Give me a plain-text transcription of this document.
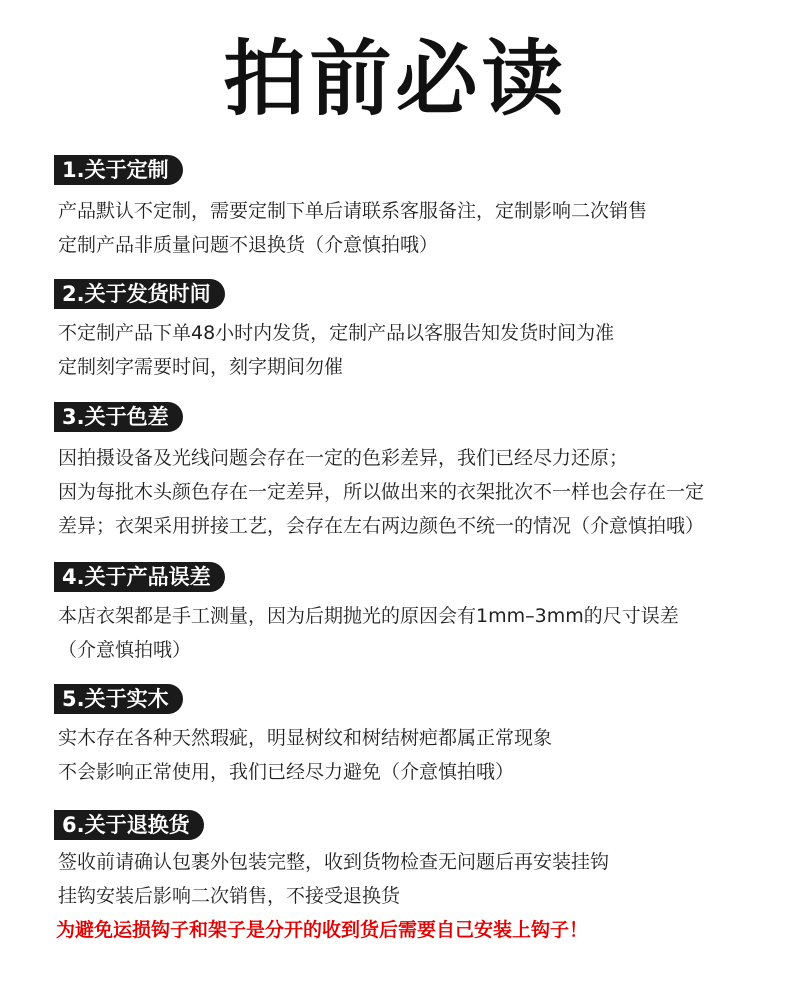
拍前必读
1.关于定制
产品默认不定制，需要定制下单后请联系客服备注，定制影响二次销售
定制产品非质量问题不退换货（介意慎拍哦）
2.关于发货时间
不定制产品下单48小时内发货，定制产品以客服告知发货时间为准
定制刻字需要时间，刻字期间勿催
3.关于色差
因拍摄设备及光线问题会存在一定的色彩差异，我们已经尽力还原；
因为每批木头颜色存在一定差异，所以做出来的衣架批次不一样也会存在一定
差异；衣架采用拼接工艺，会存在左右两边颜色不统一的情况（介意慎拍哦）
4.关于产品误差
本店衣架都是手工测量，因为后期抛光的原因会有1mm–3mm的尺寸误差
（介意慎拍哦）
5.关于实木
实木存在各种天然瑕疵，明显树纹和树结树疤都属正常现象
不会影响正常使用，我们已经尽力避免（介意慎拍哦）
6.关于退换货
签收前请确认包裹外包装完整，收到货物检查无问题后再安装挂钩
挂钩安装后影响二次销售，不接受退换货
为避免运损钩子和架子是分开的收到货后需要自己安装上钩子！
